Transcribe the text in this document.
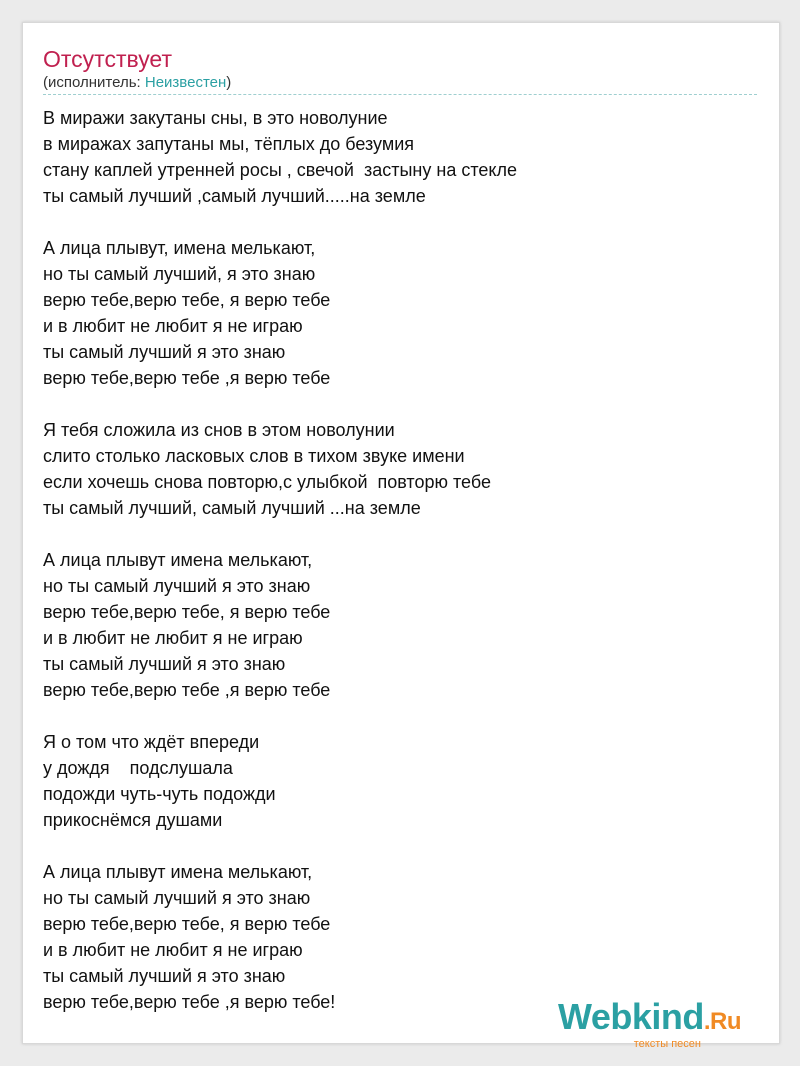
Отсутствует
(исполнитель: Неизвестен)
В миражи закутаны сны, в это новолуние
в миражах запутаны мы, тёплых до безумия
стану каплей утренней росы , свечой  застыну на стекле
ты самый лучший ,самый лучший.....на земле
А лица плывут, имена мелькают,
но ты самый лучший, я это знаю
верю тебе,верю тебе, я верю тебе
и в любит не любит я не играю
ты самый лучший я это знаю
верю тебе,верю тебе ,я верю тебе
Я тебя сложила из снов в этом новолунии
слито столько ласковых слов в тихом звуке имени
если хочешь снова повторю,с улыбкой  повторю тебе
ты самый лучший, самый лучший ...на земле
А лица плывут имена мелькают,
но ты самый лучший я это знаю
верю тебе,верю тебе, я верю тебе
и в любит не любит я не играю
ты самый лучший я это знаю
верю тебе,верю тебе ,я верю тебе
Я о том что ждёт впереди
у дождя    подслушала
подожди чуть-чуть подожди
прикоснёмся душами
А лица плывут имена мелькают,
но ты самый лучший я это знаю
верю тебе,верю тебе, я верю тебе
и в любит не любит я не играю
ты самый лучший я это знаю
верю тебе,верю тебе ,я верю тебе!	Webkind.Ru
тексты песен
